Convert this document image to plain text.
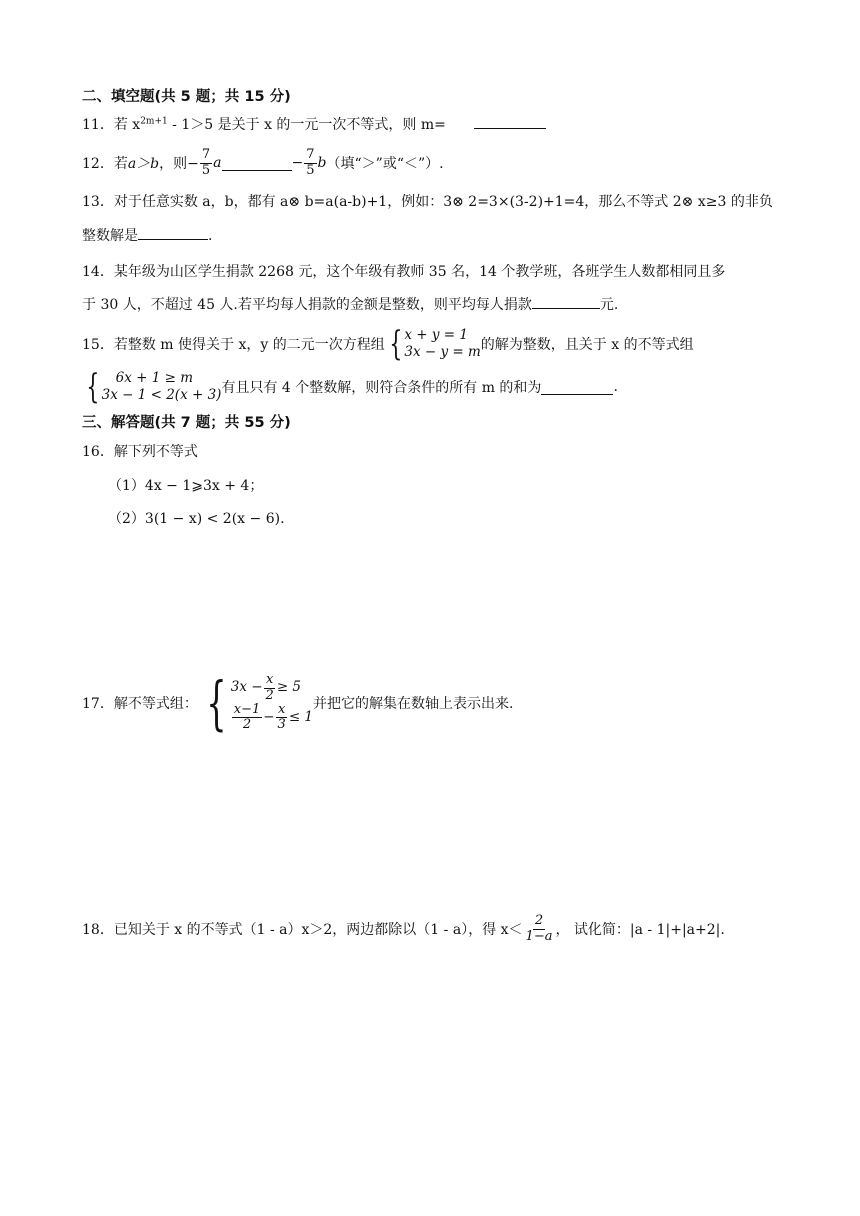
二、填空题(共 5 题；共 15 分)
11．若 $x^{2m+1} - 1>5$ 是关于 x 的一元一次不等式，则 m=
12． 若 a＞b ，则− $\frac{7}{5}$ a	− $\frac{7}{5}$ b （填“＞”或“＜”）.
13．对于任意实数 a，b，都有 a⊗ b=a(a-b)+1，例如：3⊗ 2=3×(3-2)+1=4，那么不等式 2⊗ x≥3 的非负
整数解是	.
14．某年级为山区学生捐款 2268 元，这个年级有教师 35 名，14 个教学班，各班学生人数都相同且多
于 30 人，不超过 45 人.若平均每人捐款的金额是整数，则平均每人捐款	元.
15． 若整数 m 使得关于 x，y 的二元一次方程组 { x + y = 1
3x − y = m 的解为整数，且关于 x 的不等式组
{	6x + 1 ≥ m
3x − 1 < 2(x + 3) 有且只有 4 个整数解，则符合条件的所有 m 的和为	.
三、解答题(共 7 题；共 55 分)
16．解下列不等式
（1）4x − 1⩾3x + 4；
（2）3(1 − x) < 2(x − 6).
17． 解不等式组： { $3x - \frac{x}{2} \ge 5$
$\frac{x-1}{2} - \frac{x}{3} \le 1$
并把它的解集在数轴上表示出来.
18． 已知关于 x 的不等式（1 - a）x＞2，两边都除以（1 - a），得 $x< \frac{2}{1-a}$ ， 试化简：|a - 1|+|a+2|.
